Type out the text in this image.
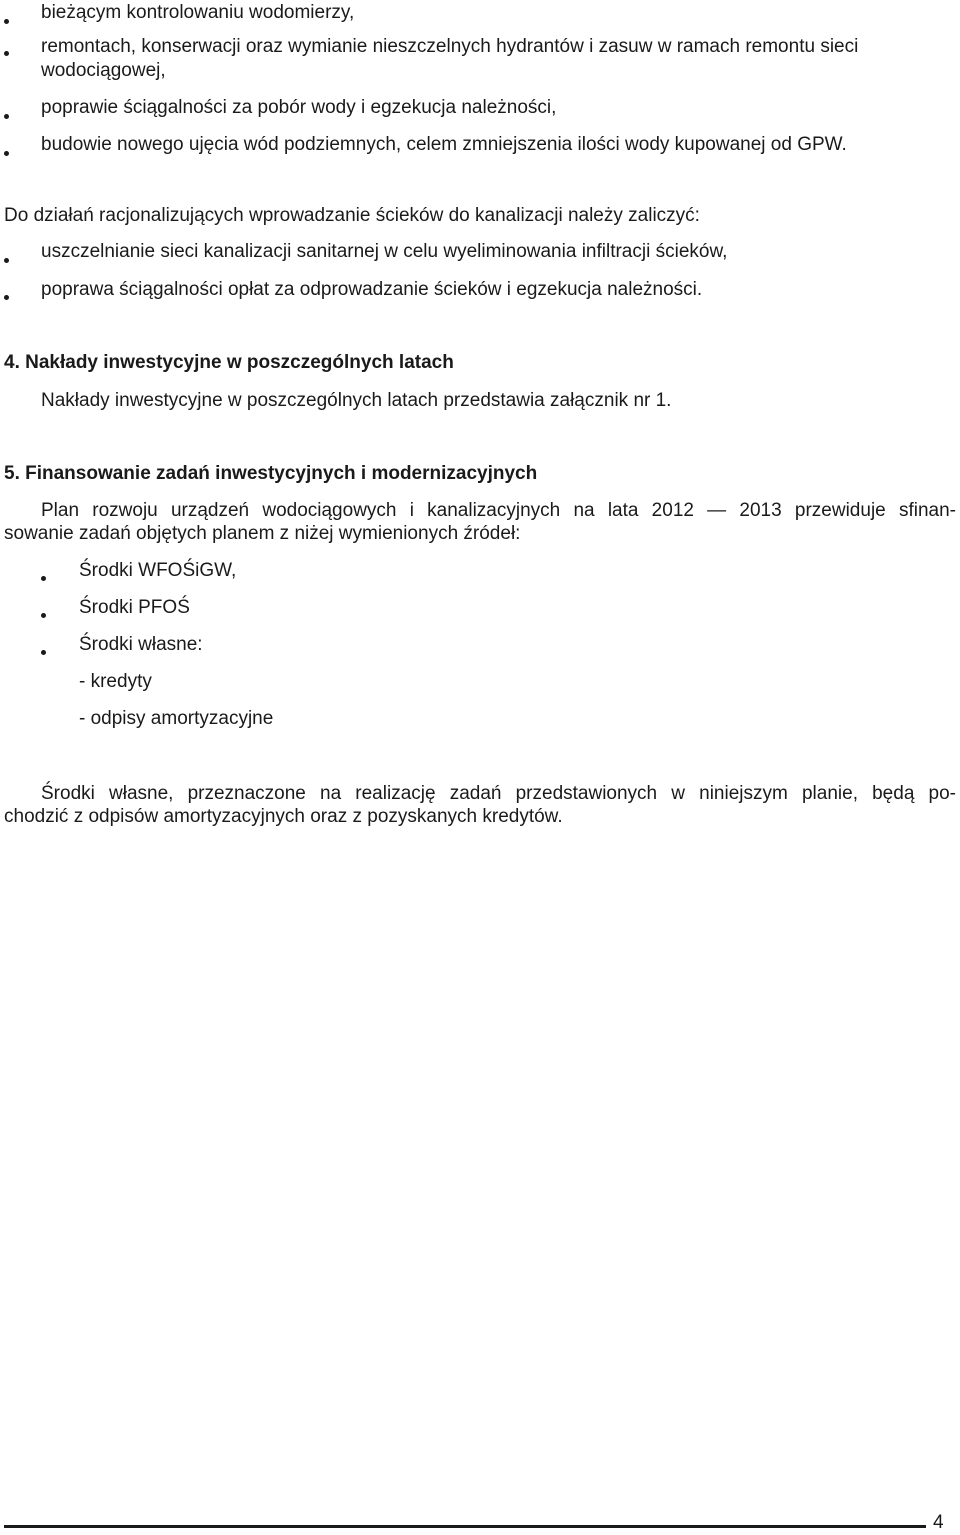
bieżącym kontrolowaniu wodomierzy,
remontach, konserwacji oraz wymianie nieszczelnych hydrantów i zasuw w ramach remontu sieci
wodociągowej,
poprawie ściągalności za pobór wody i egzekucja należności,
budowie nowego ujęcia wód podziemnych, celem zmniejszenia ilości wody kupowanej od GPW.
Do działań racjonalizujących wprowadzanie ścieków do kanalizacji należy zaliczyć:
uszczelnianie sieci kanalizacji sanitarnej w celu wyeliminowania infiltracji ścieków,
poprawa ściągalności opłat za odprowadzanie ścieków i egzekucja należności.
4. Nakłady inwestycyjne w poszczególnych latach
Nakłady inwestycyjne w poszczególnych latach przedstawia załącznik nr 1.
5. Finansowanie zadań inwestycyjnych i modernizacyjnych
Plan rozwoju urządzeń wodociągowych i kanalizacyjnych na lata 2012 — 2013 przewiduje sfinan-
sowanie zadań objętych planem z niżej wymienionych źródeł:
Środki WFOŚiGW,
Środki PFOŚ
Środki własne:
- kredyty
- odpisy amortyzacyjne
Środki własne, przeznaczone na realizację zadań przedstawionych w niniejszym planie, będą po-
chodzić z odpisów amortyzacyjnych oraz z pozyskanych kredytów.
4
